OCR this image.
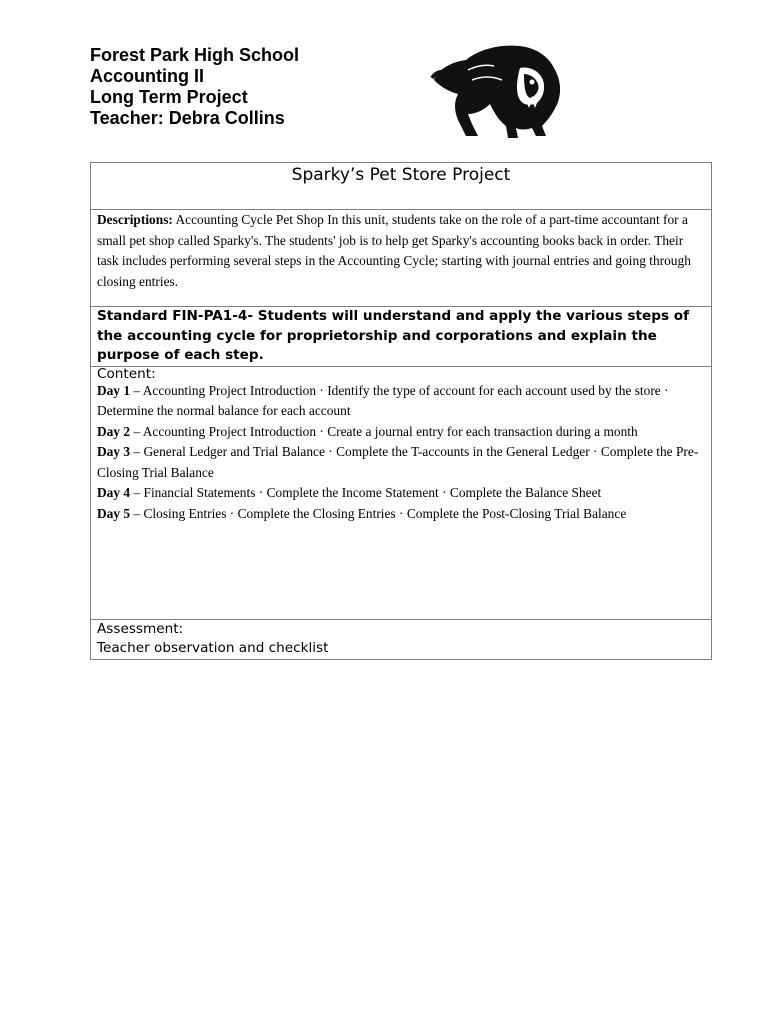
Forest Park High School
Accounting II
Long Term Project
Teacher: Debra Collins
Sparky’s Pet Store Project
Descriptions: Accounting Cycle Pet Shop In this unit, students take on the role of a part-time accountant for a small pet shop called Sparky's. The students' job is to help get Sparky's accounting books back in order. Their task includes performing several steps in the Accounting Cycle; starting with journal entries and going through closing entries.
Standard FIN-PA1-4- Students will understand and apply the various steps of the accounting cycle for proprietorship and corporations and explain the purpose of each step.

Content:
Day 1 – Accounting Project Introduction · Identify the type of account for each account used by the store · Determine the normal balance for each account
Day 2 – Accounting Project Introduction · Create a journal entry for each transaction during a month
Day 3 – General Ledger and Trial Balance · Complete the T-accounts in the General Ledger · Complete the Pre-Closing Trial Balance
Day 4 – Financial Statements · Complete the Income Statement · Complete the Balance Sheet
Day 5 – Closing Entries · Complete the Closing Entries · Complete the Post-Closing Trial Balance

Assessment:
Teacher observation and checklist
